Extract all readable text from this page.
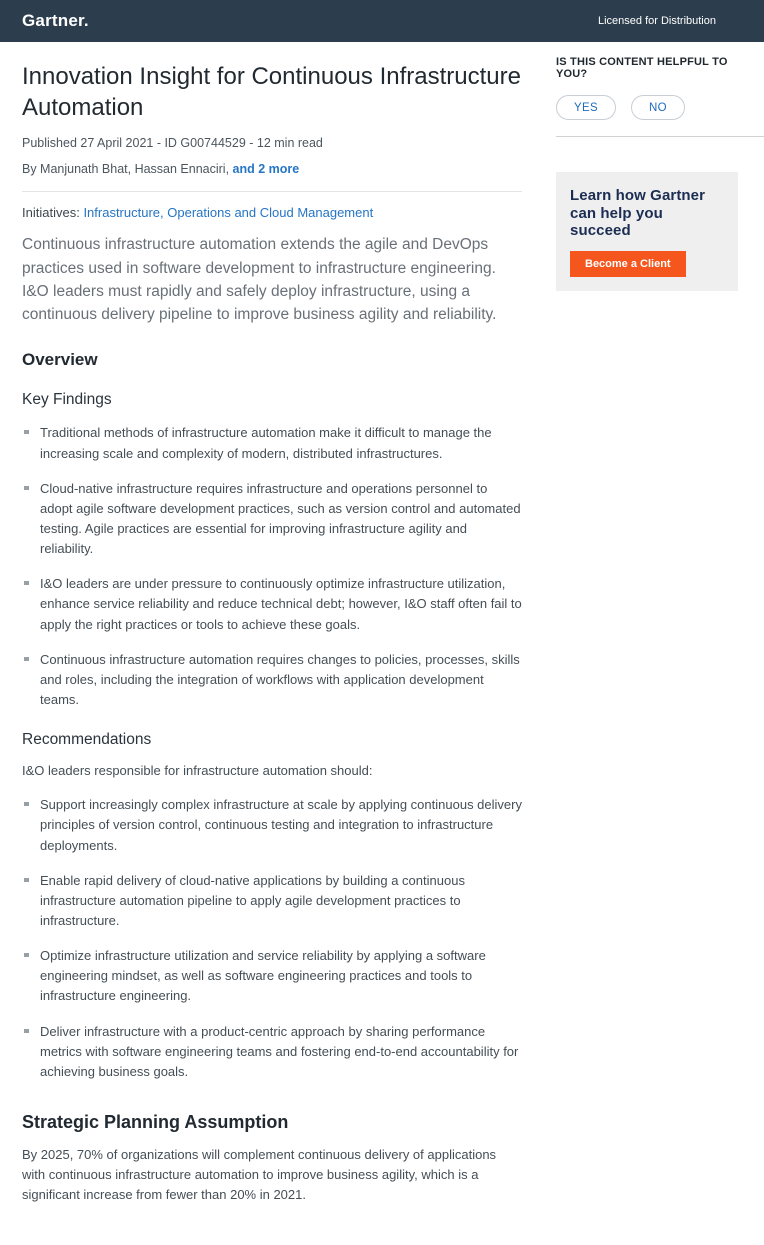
Gartner.	Licensed for Distribution
Innovation Insight for Continuous Infrastructure Automation
Published 27 April 2021 - ID G00744529 - 12 min read
By Manjunath Bhat, Hassan Ennaciri, and 2 more
Initiatives: Infrastructure, Operations and Cloud Management
Continuous infrastructure automation extends the agile and DevOps practices used in software development to infrastructure engineering. I&O leaders must rapidly and safely deploy infrastructure, using a continuous delivery pipeline to improve business agility and reliability.
Overview
Key Findings
Traditional methods of infrastructure automation make it difficult to manage the increasing scale and complexity of modern, distributed infrastructures.
Cloud-native infrastructure requires infrastructure and operations personnel to adopt agile software development practices, such as version control and automated testing. Agile practices are essential for improving infrastructure agility and reliability.
I&O leaders are under pressure to continuously optimize infrastructure utilization, enhance service reliability and reduce technical debt; however, I&O staff often fail to apply the right practices or tools to achieve these goals.
Continuous infrastructure automation requires changes to policies, processes, skills and roles, including the integration of workflows with application development teams.
Recommendations
I&O leaders responsible for infrastructure automation should:
Support increasingly complex infrastructure at scale by applying continuous delivery principles of version control, continuous testing and integration to infrastructure deployments.
Enable rapid delivery of cloud-native applications by building a continuous infrastructure automation pipeline to apply agile development practices to infrastructure.
Optimize infrastructure utilization and service reliability by applying a software engineering mindset, as well as software engineering practices and tools to infrastructure engineering.
Deliver infrastructure with a product-centric approach by sharing performance metrics with software engineering teams and fostering end-to-end accountability for achieving business goals.
Strategic Planning Assumption
By 2025, 70% of organizations will complement continuous delivery of applications with continuous infrastructure automation to improve business agility, which is a significant increase from fewer than 20% in 2021.
IS THIS CONTENT HELPFUL TO YOU?
YES	NO
Learn how Gartner
can help you succeed
Become a Client
